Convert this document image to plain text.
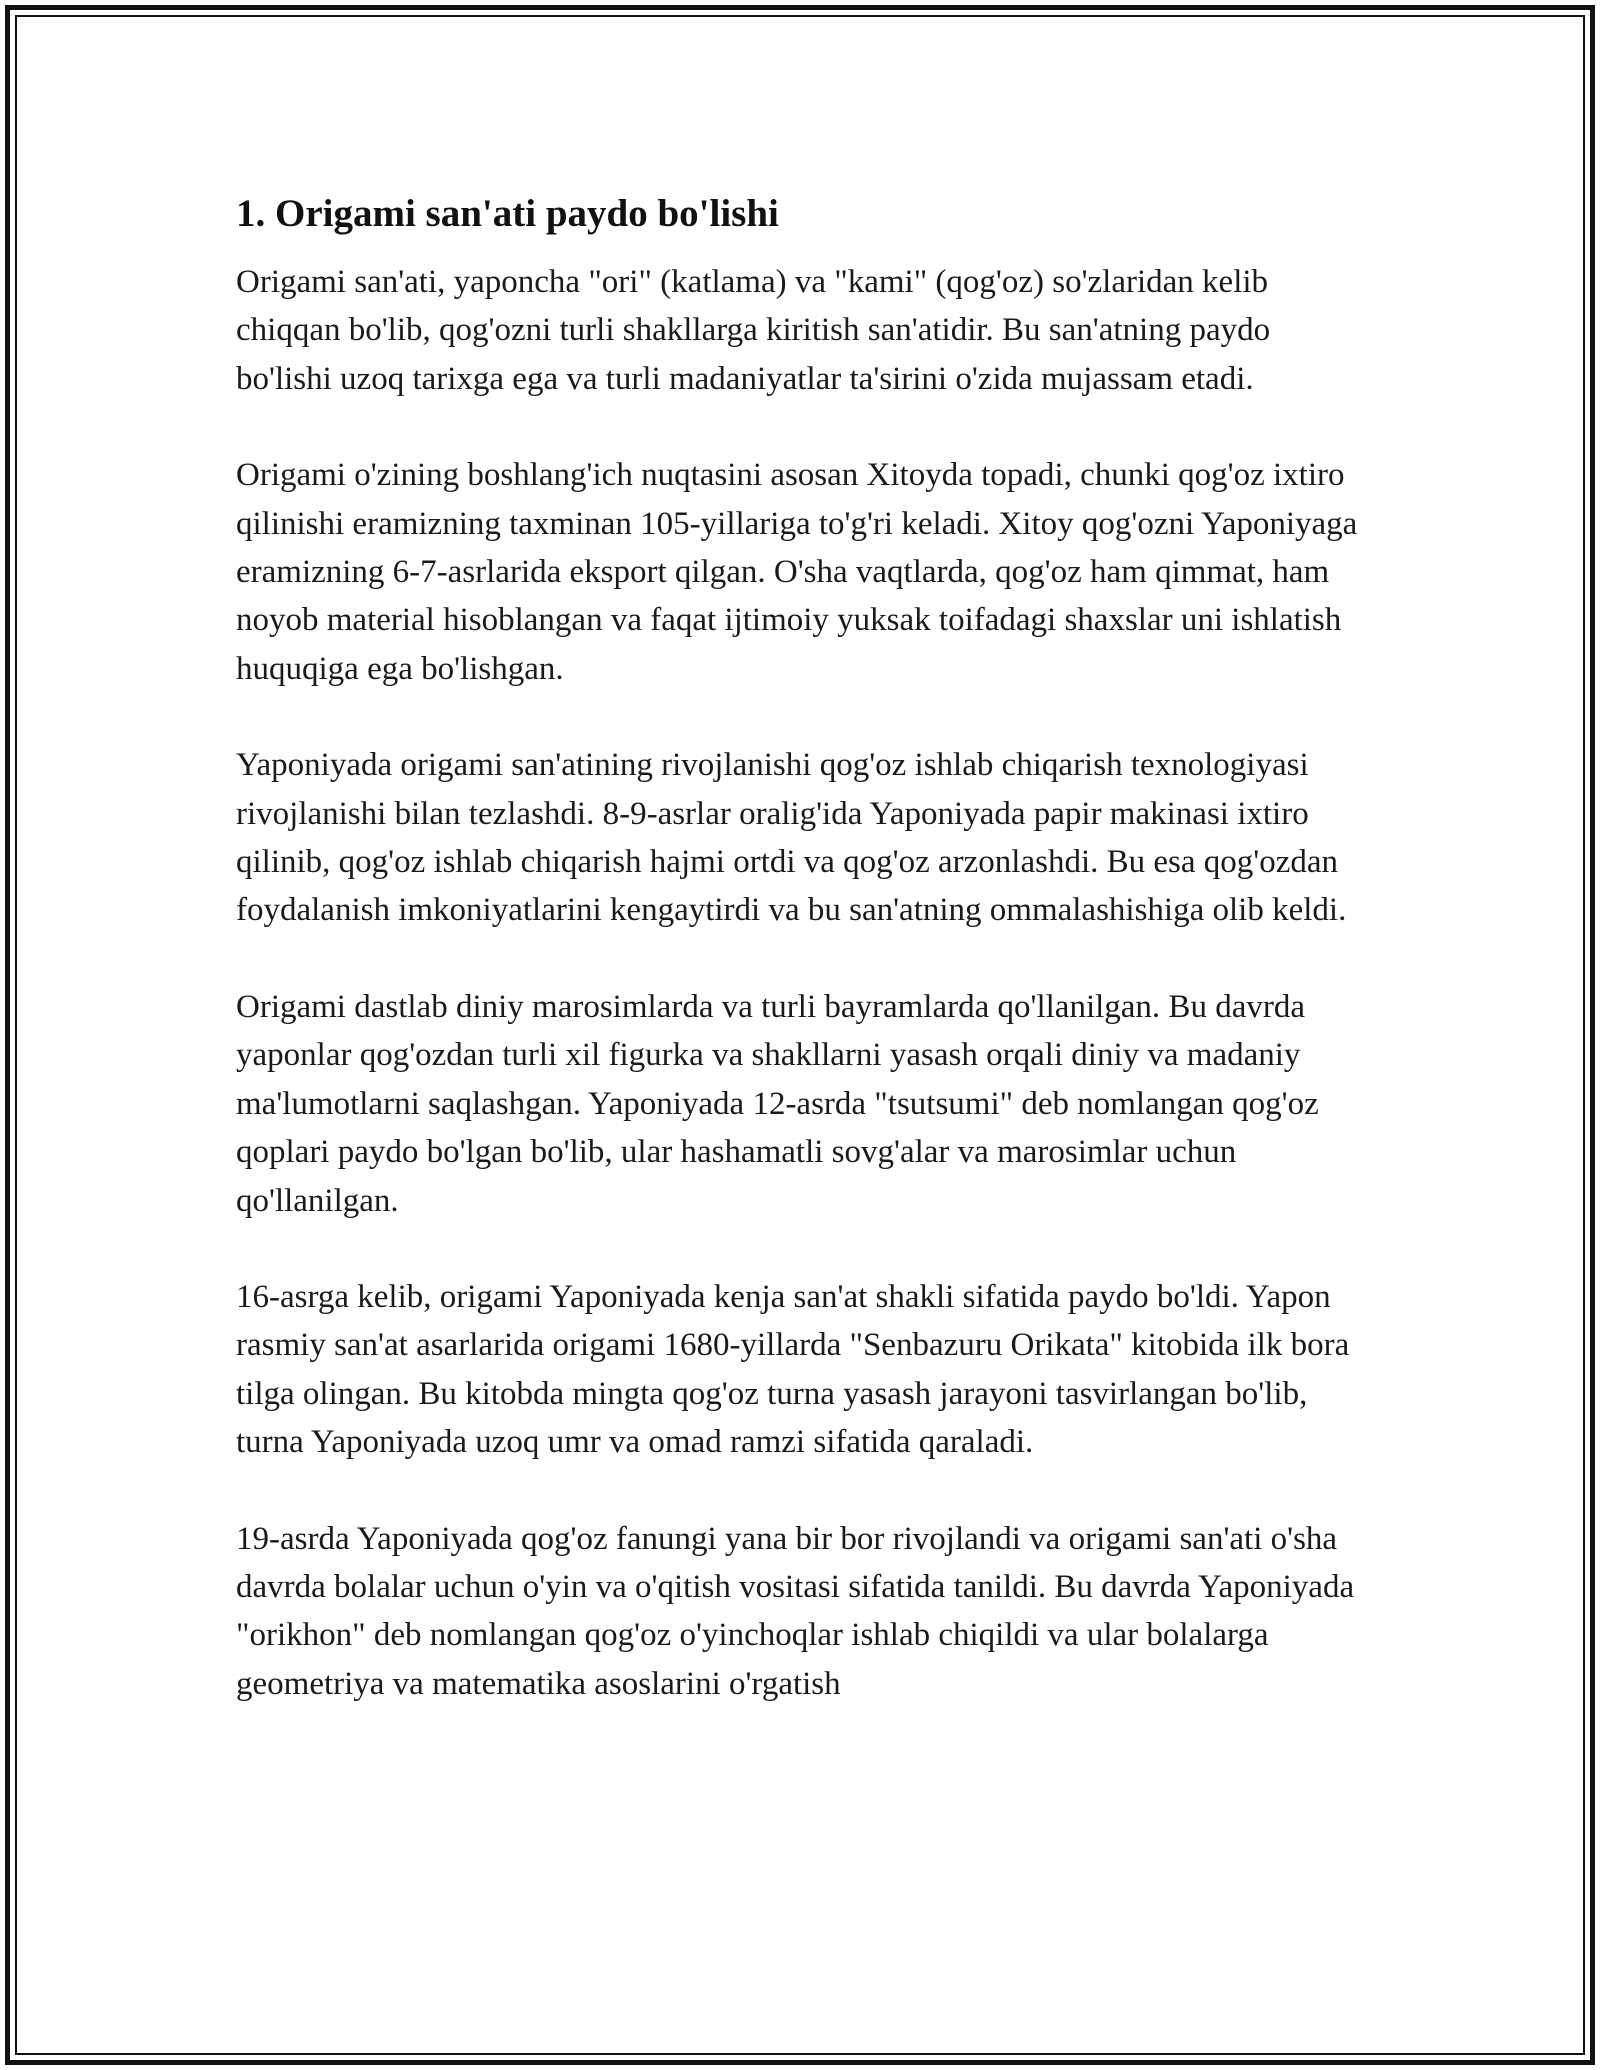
1. Origami san'ati paydo bo'lishi

Origami san'ati, yaponcha "ori" (katlama) va "kami" (qog'oz) so'zlaridan kelib chiqqan bo'lib, qog'ozni turli shakllarga kiritish san'atidir. Bu san'atning paydo bo'lishi uzoq tarixga ega va turli madaniyatlar ta'sirini o'zida mujassam etadi.

Origami o'zining boshlang'ich nuqtasini asosan Xitoyda topadi, chunki qog'oz ixtiro qilinishi eramizning taxminan 105-yillariga to'g'ri keladi. Xitoy qog'ozni Yaponiyaga eramizning 6-7-asrlarida eksport qilgan. O'sha vaqtlarda, qog'oz ham qimmat, ham noyob material hisoblangan va faqat ijtimoiy yuksak toifadagi shaxslar uni ishlatish huquqiga ega bo'lishgan.

Yaponiyada origami san'atining rivojlanishi qog'oz ishlab chiqarish texnologiyasi rivojlanishi bilan tezlashdi. 8-9-asrlar oralig'ida Yaponiyada papir makinasi ixtiro qilinib, qog'oz ishlab chiqarish hajmi ortdi va qog'oz arzonlashdi. Bu esa qog'ozdan foydalanish imkoniyatlarini kengaytirdi va bu san'atning ommalashishiga olib keldi.

Origami dastlab diniy marosimlarda va turli bayramlarda qo'llanilgan. Bu davrda yaponlar qog'ozdan turli xil figurka va shakllarni yasash orqali diniy va madaniy ma'lumotlarni saqlashgan. Yaponiyada 12-asrda "tsutsumi" deb nomlangan qog'oz qoplari paydo bo'lgan bo'lib, ular hashamatli sovg'alar va marosimlar uchun qo'llanilgan.

16-asrga kelib, origami Yaponiyada kenja san'at shakli sifatida paydo bo'ldi. Yapon rasmiy san'at asarlarida origami 1680-yillarda "Senbazuru Orikata" kitobida ilk bora tilga olingan. Bu kitobda mingta qog'oz turna yasash jarayoni tasvirlangan bo'lib, turna Yaponiyada uzoq umr va omad ramzi sifatida qaraladi.

19-asrda Yaponiyada qog'oz fanungi yana bir bor rivojlandi va origami san'ati o'sha davrda bolalar uchun o'yin va o'qitish vositasi sifatida tanildi. Bu davrda Yaponiyada "orikhon" deb nomlangan qog'oz o'yinchoqlar ishlab chiqildi va ular bolalarga geometriya va matematika asoslarini o'rgatish
